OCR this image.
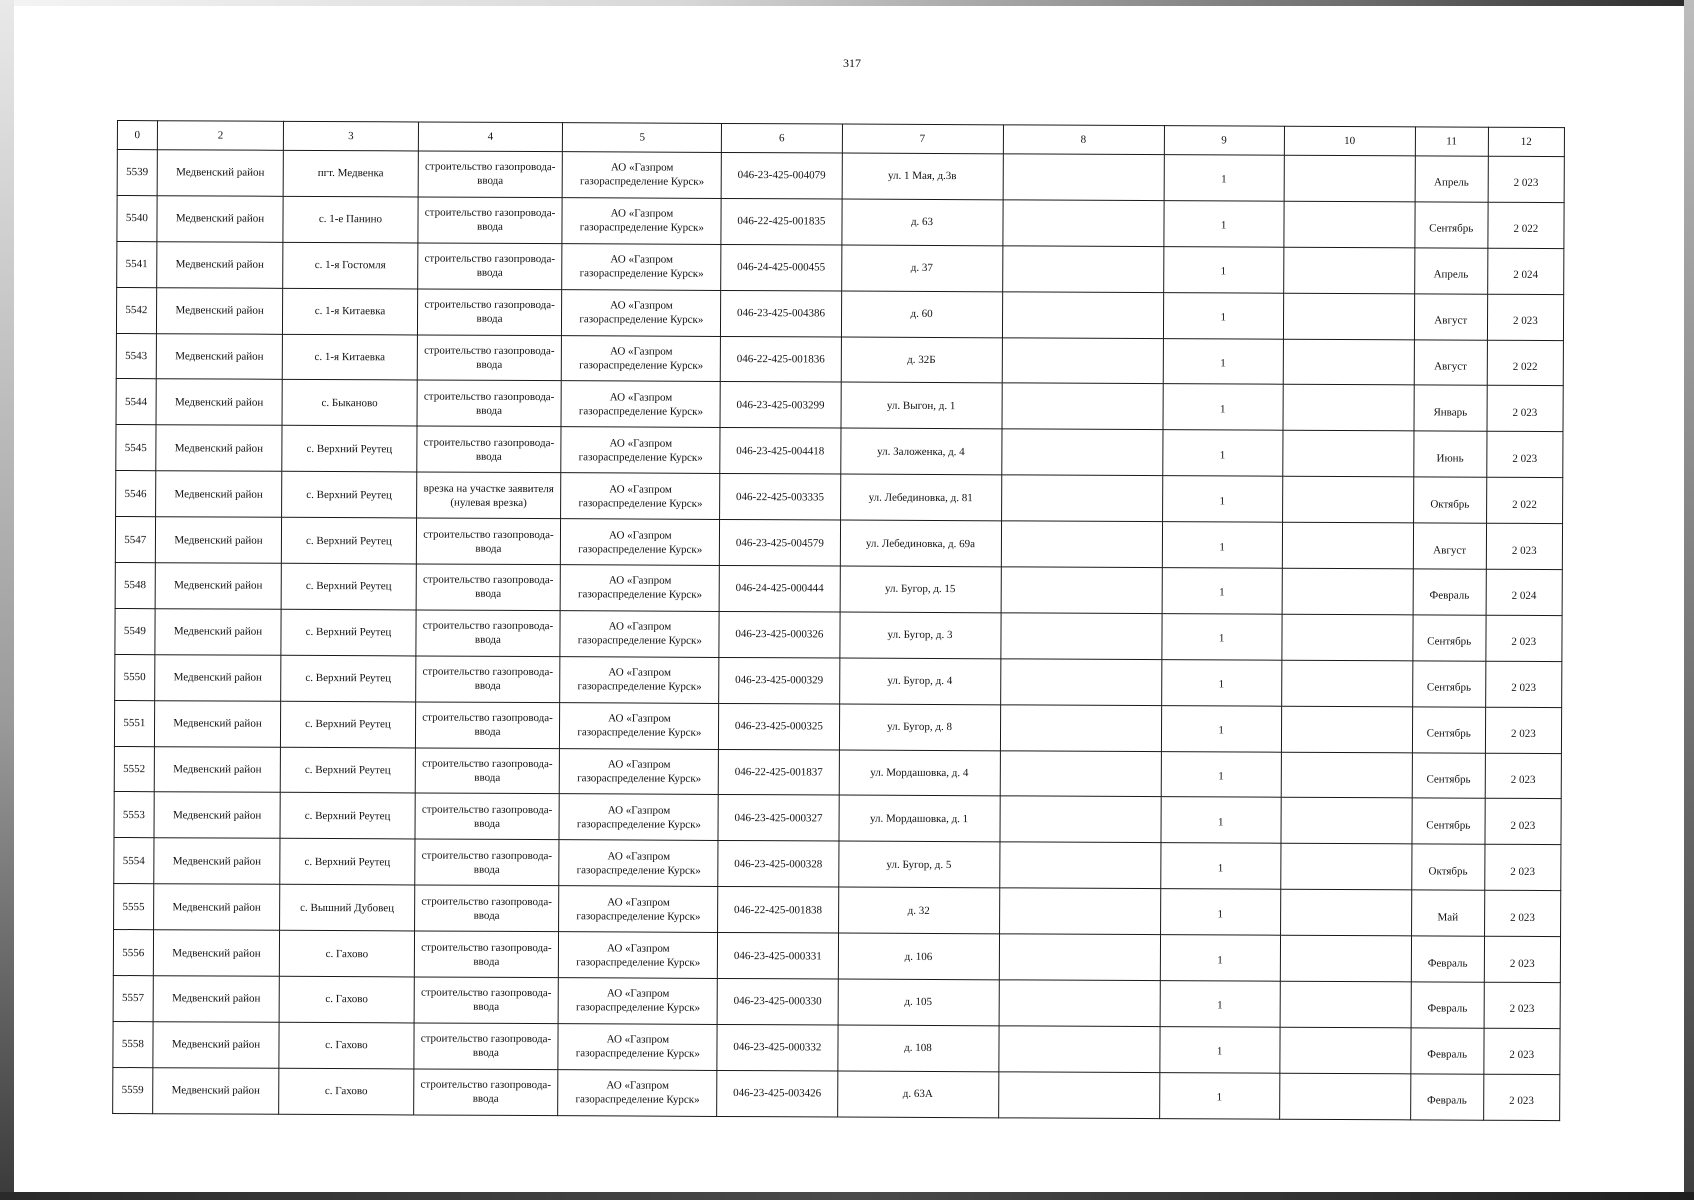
317
0	2	3	4	5	6	7	8	9	10	11	12
5539	Медвенский район	пгт. Медвенка	строительство газопровода-ввода	АО «Газпром газораспределение Курск»	046-23-425-004079	ул. 1 Мая, д.3в		1		Апрель	2 023
5540	Медвенский район	с. 1-е Панино	строительство газопровода-ввода	АО «Газпром газораспределение Курск»	046-22-425-001835	д. 63		1		Сентябрь	2 022
5541	Медвенский район	с. 1-я Гостомля	строительство газопровода-ввода	АО «Газпром газораспределение Курск»	046-24-425-000455	д. 37		1		Апрель	2 024
5542	Медвенский район	с. 1-я Китаевка	строительство газопровода-ввода	АО «Газпром газораспределение Курск»	046-23-425-004386	д. 60		1		Август	2 023
5543	Медвенский район	с. 1-я Китаевка	строительство газопровода-ввода	АО «Газпром газораспределение Курск»	046-22-425-001836	д. 32Б		1		Август	2 022
5544	Медвенский район	с. Быканово	строительство газопровода-ввода	АО «Газпром газораспределение Курск»	046-23-425-003299	ул. Выгон, д. 1		1		Январь	2 023
5545	Медвенский район	с. Верхний Реутец	строительство газопровода-ввода	АО «Газпром газораспределение Курск»	046-23-425-004418	ул. Заложенка, д. 4		1		Июнь	2 023
5546	Медвенский район	с. Верхний Реутец	врезка на участке заявителя (нулевая врезка)	АО «Газпром газораспределение Курск»	046-22-425-003335	ул. Лебединовка, д. 81		1		Октябрь	2 022
5547	Медвенский район	с. Верхний Реутец	строительство газопровода-ввода	АО «Газпром газораспределение Курск»	046-23-425-004579	ул. Лебединовка, д. 69а		1		Август	2 023
5548	Медвенский район	с. Верхний Реутец	строительство газопровода-ввода	АО «Газпром газораспределение Курск»	046-24-425-000444	ул. Бугор, д. 15		1		Февраль	2 024
5549	Медвенский район	с. Верхний Реутец	строительство газопровода-ввода	АО «Газпром газораспределение Курск»	046-23-425-000326	ул. Бугор, д. 3		1		Сентябрь	2 023
5550	Медвенский район	с. Верхний Реутец	строительство газопровода-ввода	АО «Газпром газораспределение Курск»	046-23-425-000329	ул. Бугор, д. 4		1		Сентябрь	2 023
5551	Медвенский район	с. Верхний Реутец	строительство газопровода-ввода	АО «Газпром газораспределение Курск»	046-23-425-000325	ул. Бугор, д. 8		1		Сентябрь	2 023
5552	Медвенский район	с. Верхний Реутец	строительство газопровода-ввода	АО «Газпром газораспределение Курск»	046-22-425-001837	ул. Мордашовка, д. 4		1		Сентябрь	2 023
5553	Медвенский район	с. Верхний Реутец	строительство газопровода-ввода	АО «Газпром газораспределение Курск»	046-23-425-000327	ул. Мордашовка, д. 1		1		Сентябрь	2 023
5554	Медвенский район	с. Верхний Реутец	строительство газопровода-ввода	АО «Газпром газораспределение Курск»	046-23-425-000328	ул. Бугор, д. 5		1		Октябрь	2 023
5555	Медвенский район	с. Вышний Дубовец	строительство газопровода-ввода	АО «Газпром газораспределение Курск»	046-22-425-001838	д. 32		1		Май	2 023
5556	Медвенский район	с. Гахово	строительство газопровода-ввода	АО «Газпром газораспределение Курск»	046-23-425-000331	д. 106		1		Февраль	2 023
5557	Медвенский район	с. Гахово	строительство газопровода-ввода	АО «Газпром газораспределение Курск»	046-23-425-000330	д. 105		1		Февраль	2 023
5558	Медвенский район	с. Гахово	строительство газопровода-ввода	АО «Газпром газораспределение Курск»	046-23-425-000332	д. 108		1		Февраль	2 023
5559	Медвенский район	с. Гахово	строительство газопровода-ввода	АО «Газпром газораспределение Курск»	046-23-425-003426	д. 63А		1		Февраль	2 023
